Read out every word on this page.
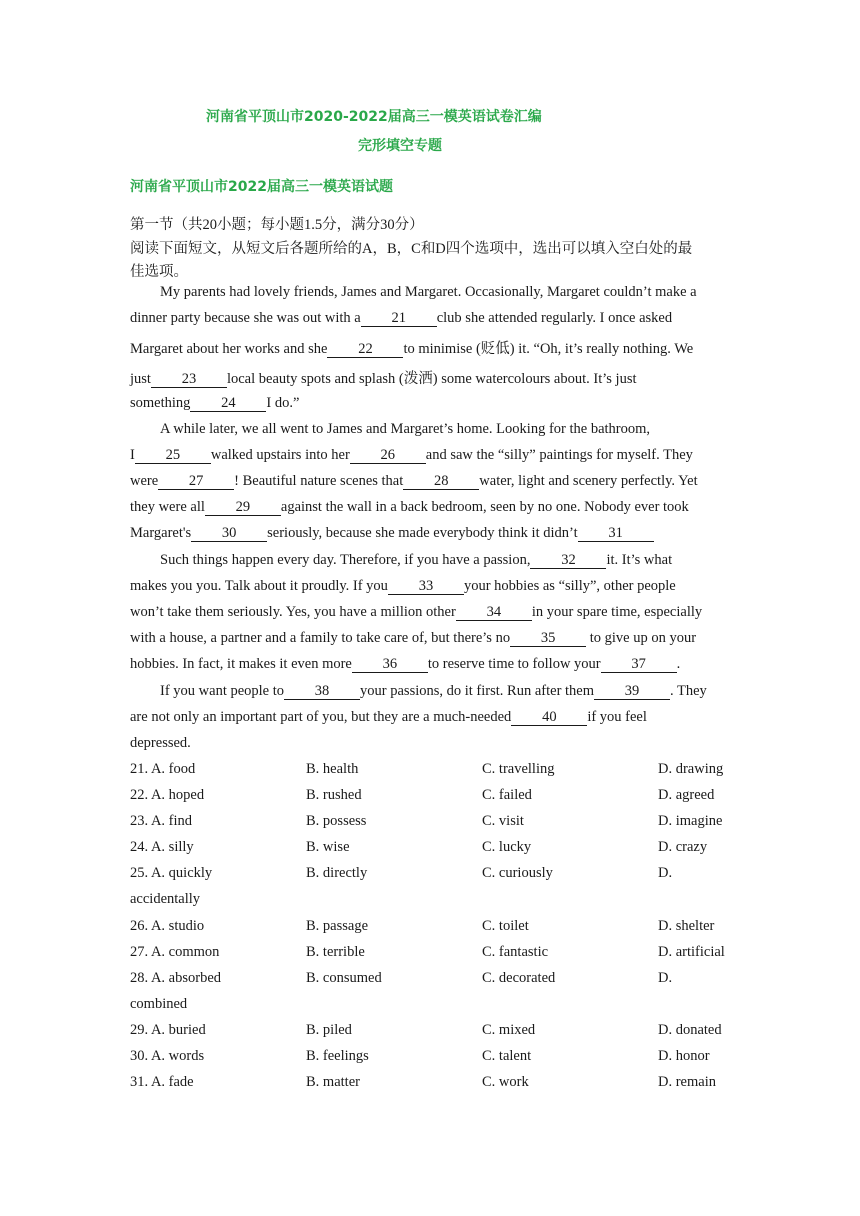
河南省平顶山市2020-2022届高三一模英语试卷汇编
完形填空专题
河南省平顶山市2022届高三一模英语试题
第一节（共20小题；每小题1.5分，满分30分）
阅读下面短文，从短文后各题所给的A，B，C和D四个选项中，选出可以填入空白处的最
佳选项。
My parents had lovely friends, James and Margaret. Occasionally, Margaret couldn’t make a
dinner party because she was out with a 21 club she attended regularly. I once asked
Margaret about her works and she 22 to minimise (贬低) it. “Oh, it’s really nothing. We
just 23 local beauty spots and splash (泼洒) some watercolours about. It’s just
something 24 I do.”
A while later, we all went to James and Margaret’s home. Looking for the bathroom,
I 25 walked upstairs into her 26 and saw the “silly” paintings for myself. They
were 27 ! Beautiful nature scenes that 28 water, light and scenery perfectly. Yet
they were all 29 against the wall in a back bedroom, seen by no one. Nobody ever took
Margaret's 30 seriously, because she made everybody think it didn’t 31
Such things happen every day. Therefore, if you have a passion, 32 it. It’s what
makes you you. Talk about it proudly. If you 33 your hobbies as “silly”, other people
won’t take them seriously. Yes, you have a million other 34 in your spare time, especially
with a house, a partner and a family to take care of, but there’s no 35 to give up on your
hobbies. In fact, it makes it even more 36 to reserve time to follow your 37 .
If you want people to 38 your passions, do it first. Run after them 39 . They
are not only an important part of you, but they are a much-needed 40 if you feel
depressed.
21. A. food	B. health	C. travelling	D. drawing
22. A. hoped	B. rushed	C. failed	D. agreed
23. A. find	B. possess	C. visit	D. imagine
24. A. silly	B. wise	C. lucky	D. crazy
25. A. quickly	B. directly	C. curiously	D.
accidentally
26. A. studio	B. passage	C. toilet	D. shelter
27. A. common	B. terrible	C. fantastic	D. artificial
28. A. absorbed	B. consumed	C. decorated	D.
combined
29. A. buried	B. piled	C. mixed	D. donated
30. A. words	B. feelings	C. talent	D. honor
31. A. fade	B. matter	C. work	D. remain
